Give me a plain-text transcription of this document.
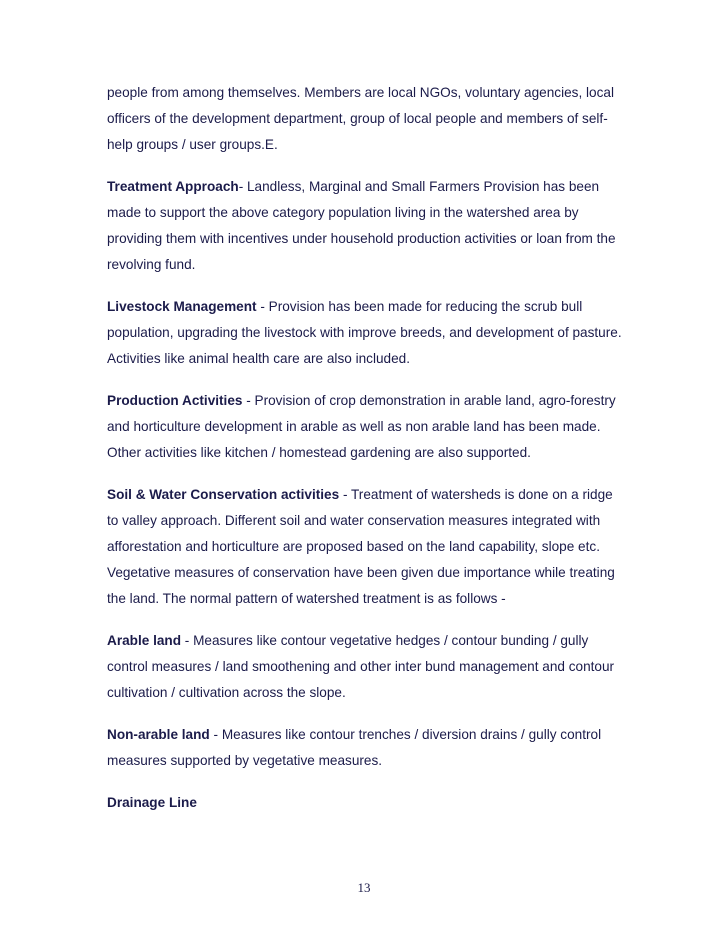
people from among themselves. Members are local NGOs, voluntary agencies, local officers of the development department, group of local people and members of self-help groups / user groups.E.

Treatment Approach- Landless, Marginal and Small Farmers Provision has been made to support the above category population living in the watershed area by providing them with incentives under household production activities or loan from the revolving fund.

Livestock Management - Provision has been made for reducing the scrub bull population, upgrading the livestock with improve breeds, and development of pasture. Activities like animal health care are also included.

Production Activities - Provision of crop demonstration in arable land, agro-forestry and horticulture development in arable as well as non arable land has been made. Other activities like kitchen / homestead gardening are also supported.

Soil & Water Conservation activities - Treatment of watersheds is done on a ridge to valley approach. Different soil and water conservation measures integrated with afforestation and horticulture are proposed based on the land capability, slope etc. Vegetative measures of conservation have been given due importance while treating the land. The normal pattern of watershed treatment is as follows -

Arable land - Measures like contour vegetative hedges / contour bunding / gully control measures / land smoothening and other inter bund management and contour cultivation / cultivation across the slope.

Non-arable land - Measures like contour trenches / diversion drains / gully control measures supported by vegetative measures.

Drainage Line

13
